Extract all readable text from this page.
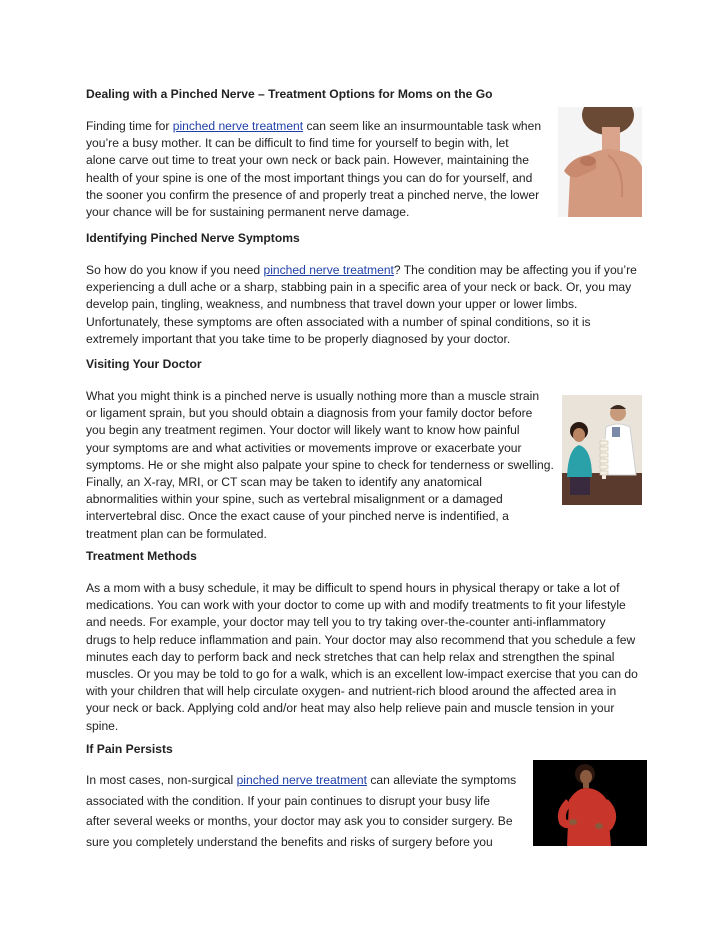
Dealing with a Pinched Nerve – Treatment Options for Moms on the Go

Finding time for pinched nerve treatment can seem like an insurmountable task when
you’re a busy mother. It can be difficult to find time for yourself to begin with, let
alone carve out time to treat your own neck or back pain. However, maintaining the
health of your spine is one of the most important things you can do for yourself, and
the sooner you confirm the presence of and properly treat a pinched nerve, the lower
your chance will be for sustaining permanent nerve damage.

Identifying Pinched Nerve Symptoms

So how do you know if you need pinched nerve treatment? The condition may be affecting you if you’re
experiencing a dull ache or a sharp, stabbing pain in a specific area of your neck or back. Or, you may
develop pain, tingling, weakness, and numbness that travel down your upper or lower limbs.
Unfortunately, these symptoms are often associated with a number of spinal conditions, so it is
extremely important that you take time to be properly diagnosed by your doctor.

Visiting Your Doctor

What you might think is a pinched nerve is usually nothing more than a muscle strain
or ligament sprain, but you should obtain a diagnosis from your family doctor before
you begin any treatment regimen. Your doctor will likely want to know how painful
your symptoms are and what activities or movements improve or exacerbate your
symptoms. He or she might also palpate your spine to check for tenderness or swelling.
Finally, an X-ray, MRI, or CT scan may be taken to identify any anatomical
abnormalities within your spine, such as vertebral misalignment or a damaged
intervertebral disc. Once the exact cause of your pinched nerve is indentified, a
treatment plan can be formulated.

Treatment Methods

As a mom with a busy schedule, it may be difficult to spend hours in physical therapy or take a lot of
medications. You can work with your doctor to come up with and modify treatments to fit your lifestyle
and needs. For example, your doctor may tell you to try taking over-the-counter anti-inflammatory
drugs to help reduce inflammation and pain. Your doctor may also recommend that you schedule a few
minutes each day to perform back and neck stretches that can help relax and strengthen the spinal
muscles. Or you may be told to go for a walk, which is an excellent low-impact exercise that you can do
with your children that will help circulate oxygen- and nutrient-rich blood around the affected area in
your neck or back. Applying cold and/or heat may also help relieve pain and muscle tension in your
spine.

If Pain Persists

In most cases, non-surgical pinched nerve treatment can alleviate the symptoms
associated with the condition. If your pain continues to disrupt your busy life
after several weeks or months, your doctor may ask you to consider surgery. Be
sure you completely understand the benefits and risks of surgery before you
